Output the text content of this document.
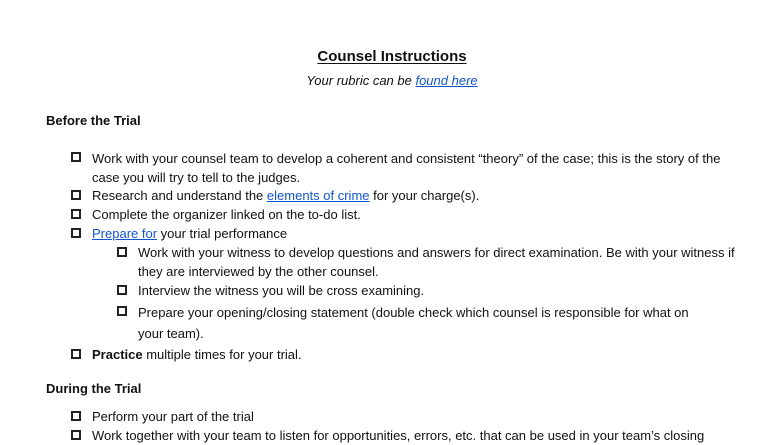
Counsel Instructions
Your rubric can be found here
Before the Trial
Work with your counsel team to develop a coherent and consistent “theory” of the case; this is the story of the case you will try to tell to the judges.
Research and understand the elements of crime for your charge(s).
Complete the organizer linked on the to-do list.
Prepare for your trial performance
Work with your witness to develop questions and answers for direct examination. Be with your witness if they are interviewed by the other counsel.
Interview the witness you will be cross examining.
Prepare your opening/closing statement (double check which counsel is responsible for what on your team).
Practice multiple times for your trial.
During the Trial
Perform your part of the trial
Work together with your team to listen for opportunities, errors, etc. that can be used in your team’s closing
